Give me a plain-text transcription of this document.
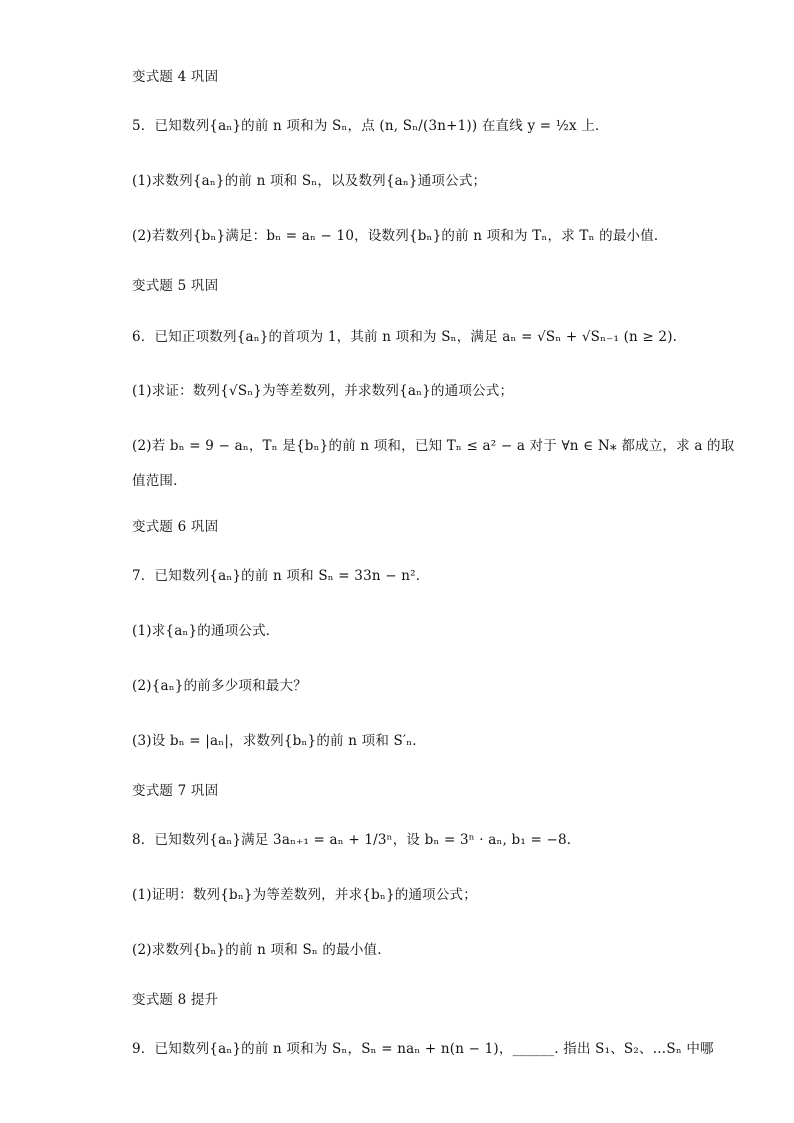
变式题 4 巩固
5．已知数列{aₙ}的前 n 项和为 Sₙ，点 (n, Sₙ/(3n+1)) 在直线 y = ½x 上．
(1)求数列{aₙ}的前 n 项和 Sₙ，以及数列{aₙ}通项公式；
(2)若数列{bₙ}满足：bₙ = aₙ − 10，设数列{bₙ}的前 n 项和为 Tₙ，求 Tₙ 的最小值．
变式题 5 巩固
6．已知正项数列{aₙ}的首项为 1，其前 n 项和为 Sₙ，满足 aₙ = √Sₙ + √Sₙ₋₁ (n ≥ 2).
(1)求证：数列{√Sₙ}为等差数列，并求数列{aₙ}的通项公式；
(2)若 bₙ = 9 − aₙ，Tₙ 是{bₙ}的前 n 项和，已知 Tₙ ≤ a² − a 对于 ∀n ∈ N⁎ 都成立，求 a 的取
值范围.
变式题 6 巩固
7．已知数列{aₙ}的前 n 项和 Sₙ = 33n − n²．
(1)求{aₙ}的通项公式．
(2){aₙ}的前多少项和最大？
(3)设 bₙ = |aₙ|，求数列{bₙ}的前 n 项和 S′ₙ．
变式题 7 巩固
8．已知数列{aₙ}满足 3aₙ₊₁ = aₙ + 1/3ⁿ，设 bₙ = 3ⁿ · aₙ, b₁ = −8.
(1)证明：数列{bₙ}为等差数列，并求{bₙ}的通项公式；
(2)求数列{bₙ}的前 n 项和 Sₙ 的最小值.
变式题 8 提升
9．已知数列{aₙ}的前 n 项和为 Sₙ，Sₙ = naₙ + n(n − 1)，______. 指出 S₁、S₂、…Sₙ 中哪
